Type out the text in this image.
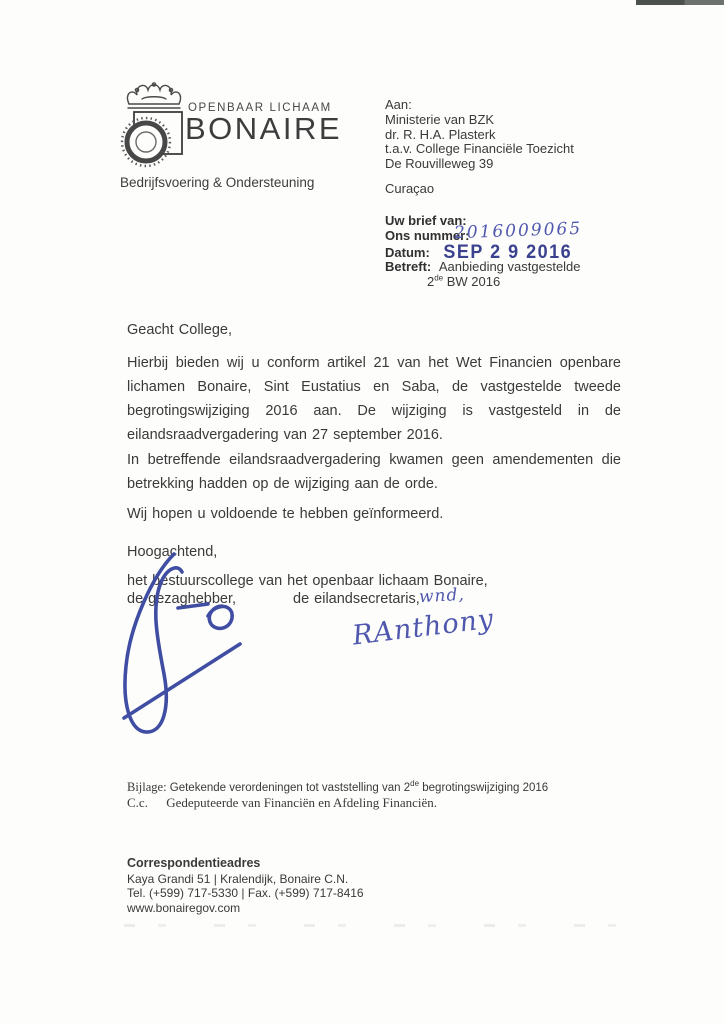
OPENBAAR LICHAAM
BONAIRE
Bedrijfsvoering & Ondersteuning
Aan:
Ministerie van BZK
dr. R. H.A. Plasterk
t.a.v. College Financiële Toezicht
De Rouvilleweg 39
Curaçao
Uw brief van:
Ons nummer:
2016009065
Datum: SEP 2 9 2016
Betreft: Aanbieding vastgestelde
2de BW 2016
Geacht College,
Hierbij bieden wij u conform artikel 21 van het Wet Financien openbare lichamen Bonaire, Sint Eustatius en Saba, de vastgestelde tweede begrotingswijziging 2016 aan. De wijziging is vastgesteld in de eilandsraadvergadering van 27 september 2016.
In betreffende eilandsraadvergadering kwamen geen amendementen die betrekking hadden op de wijziging aan de orde.
Wij hopen u voldoende te hebben geïnformeerd.
Hoogachtend,
het bestuurscollege van het openbaar lichaam Bonaire,
de gezaghebber,	de eilandsecretaris,
wnd,
RAnthony
Bijlage: Getekende verordeningen tot vaststelling van 2de begrotingswijziging 2016
C.c. Gedeputeerde van Financiën en Afdeling Financiën.
Correspondentieadres
Kaya Grandi 51 | Kralendijk, Bonaire C.N.
Tel. (+599) 717-5330 | Fax. (+599) 717-8416
www.bonairegov.com
